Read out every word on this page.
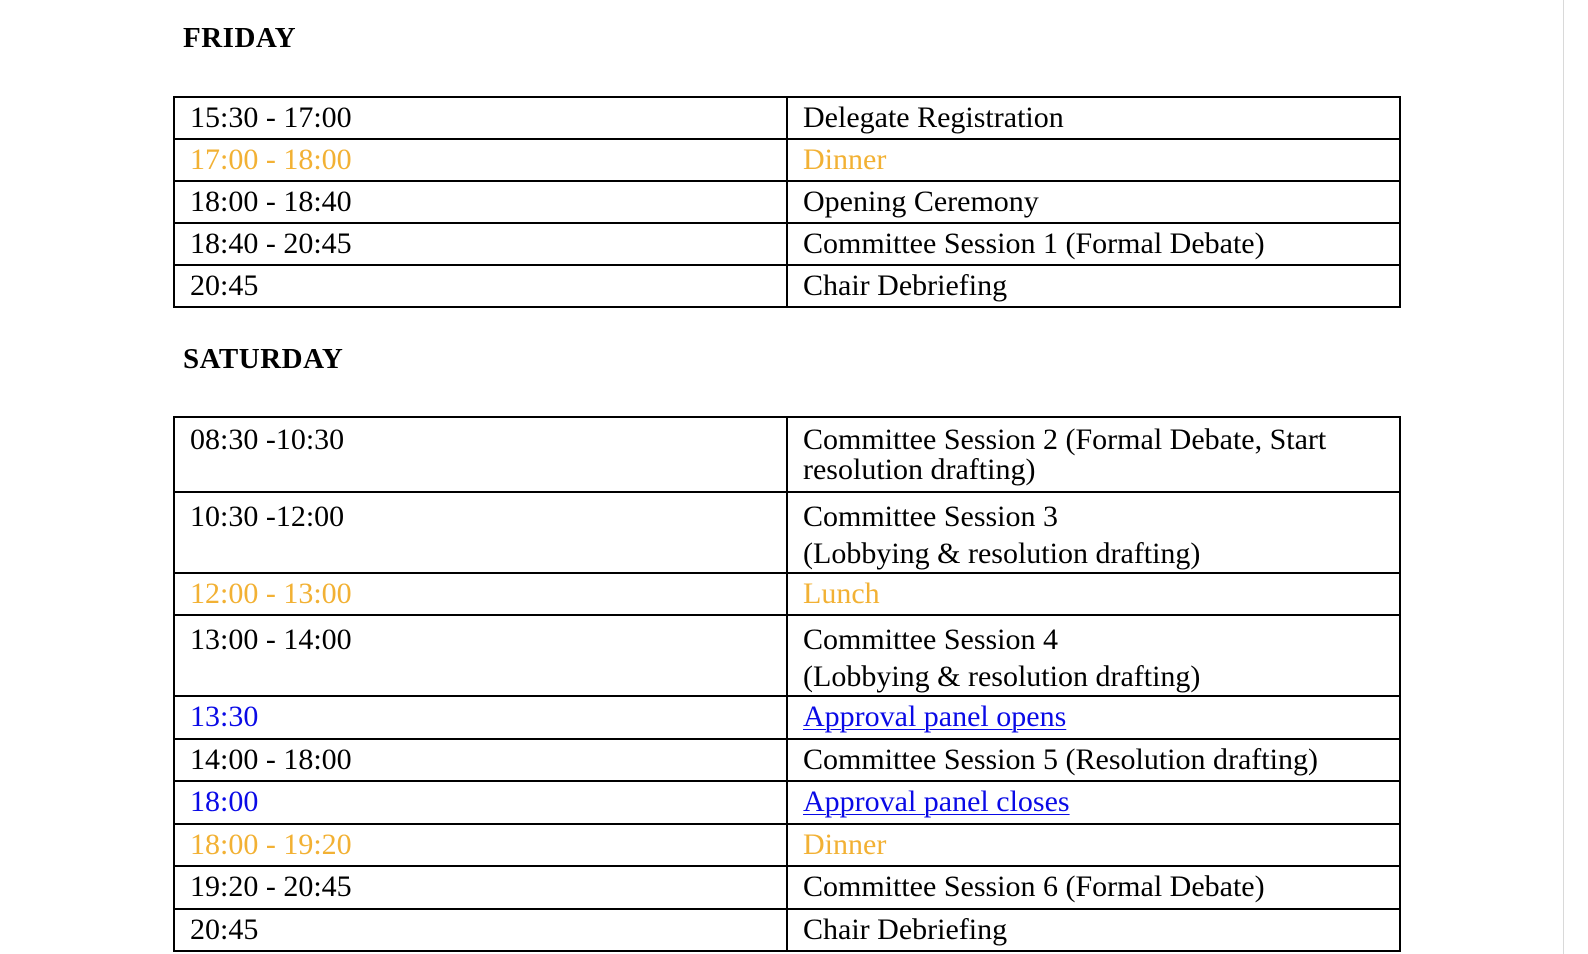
FRIDAY
15:30 - 17:00	Delegate Registration
17:00 - 18:00	Dinner
18:00 - 18:40	Opening Ceremony
18:40 - 20:45	Committee Session 1 (Formal Debate)
20:45	Chair Debriefing
SATURDAY
08:30 -10:30	Committee Session 2 (Formal Debate, Start resolution drafting)
10:30 -12:00	Committee Session 3
(Lobbying & resolution drafting)

12:00 - 13:00	Lunch
13:00 - 14:00	Committee Session 4
(Lobbying & resolution drafting)

13:30	Approval panel opens
14:00 - 18:00	Committee Session 5 (Resolution drafting)
18:00	Approval panel closes
18:00 - 19:20	Dinner
19:20 - 20:45	Committee Session 6 (Formal Debate)
20:45	Chair Debriefing
